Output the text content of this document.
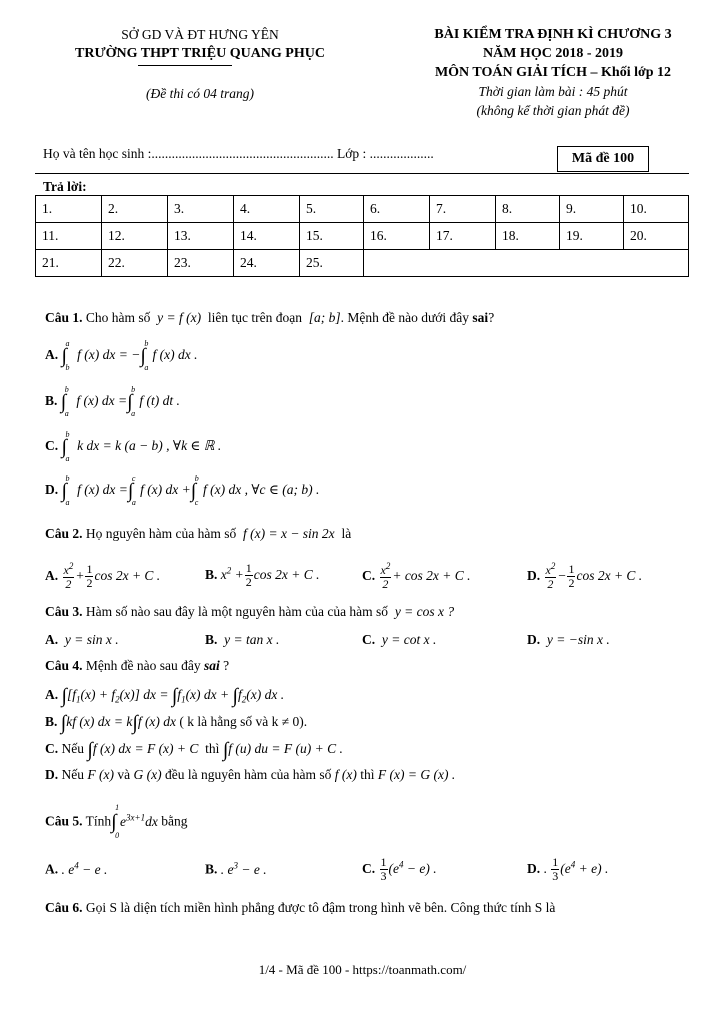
SỞ GD VÀ ĐT HƯNG YÊN
TRƯỜNG THPT TRIỆU QUANG PHỤC
(Đề thi có 04 trang)
BÀI KIỂM TRA ĐỊNH KÌ CHƯƠNG 3
NĂM HỌC 2018 - 2019
MÔN TOÁN GIẢI TÍCH – Khối lớp 12
Thời gian làm bài : 45 phút
(không kể thời gian phát đề)
Họ và tên học sinh :...................................................... Lớp : ...................	Mã đề 100
Trả lời:
1.	2.	3.	4.	5.	6.	7.	8.	9.	10.
11.	12.	13.	14.	15.	16.	17.	18.	19.	20.
21.	22.	23.	24.	25.					
Câu 1. Cho hàm số  y = f (x)  liên tục trên đoạn  [a; b]. Mệnh đề nào dưới đây sai?
A. ∫
a
b
f (x) dx = −∫
b
a
f (x) dx .
B. ∫
b
a
f (x) dx =∫
b
a
f (t) dt .
C. ∫
b
a
k dx = k (a − b) , ∀k ∈ ℝ .
D. ∫
b
a
f (x) dx =∫
c
a
f (x) dx +∫
b
c
f (x) dx , ∀c ∈ (a; b) .
Câu 2. Họ nguyên hàm của hàm số  f (x) = x − sin 2x  là
A. $\frac{x^2}{2} + \frac{1}{2}$ cos 2x + C .	B. $x^2 + \frac{1}{2}$ cos 2x + C .	C. $\frac{x^2}{2} + \cos 2x + C$ .	D. $\frac{x^2}{2} - \frac{1}{2}$ cos 2x + C .
Câu 3. Hàm số nào sau đây là một nguyên hàm của của hàm số  y = cos x ?
A.  y = sin x .	B.  y = tan x .	C.  y = cot x .	D.  y = −sin x .
Câu 4. Mệnh đề nào sau đây sai ?
A. $\int[f_1(x) + f_2(x)]$ dx = $\int f_1(x)$ dx + $\int f_2(x)$ dx .
B. ∫kf (x) dx = k∫f (x) dx ( k là hằng số và k ≠ 0).
C. Nếu ∫f (x) dx = F (x) + C  thì ∫f (u) du = F (u) + C .
D. Nếu F (x) và G (x) đều là nguyên hàm của hàm số f (x) thì F (x) = G (x) .
Câu 5. Tính∫
1
0
$e^{3x+1}dx$ bằng
A. . $e^4 - e$ .	B. . $e^3 - e$ .	C. $\frac{1}{3} (e^4 - e)$ .	D. . $\frac{1}{3} (e^4 + e)$ .
Câu 6. Gọi S là diện tích miền hình phẳng được tô đậm trong hình vẽ bên. Công thức tính S là
1/4 - Mã đề 100 - https://toanmath.com/
